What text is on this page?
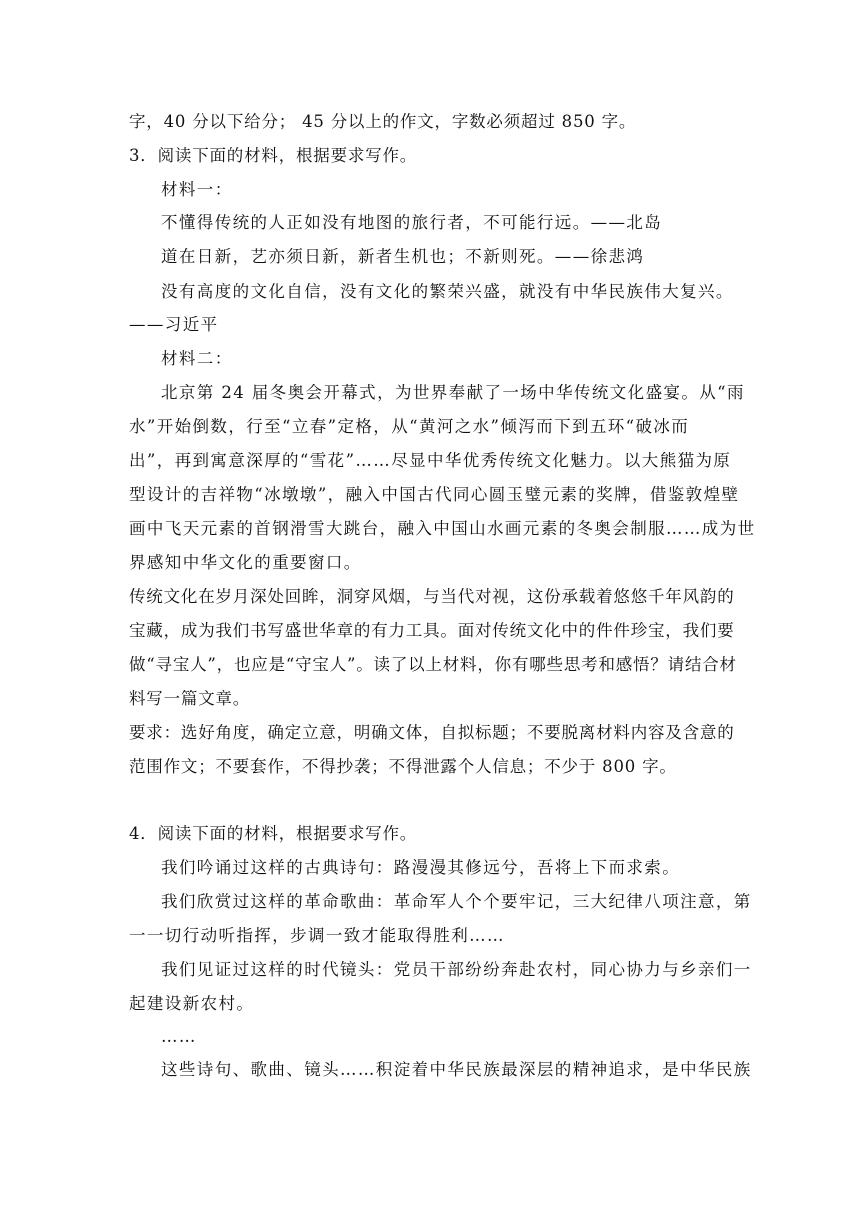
字，40 分以下给分； 45 分以上的作文，字数必须超过 850 字。
3．阅读下面的材料，根据要求写作。
材料一：
不懂得传统的人正如没有地图的旅行者，不可能行远。——北岛
道在日新，艺亦须日新，新者生机也；不新则死。——徐悲鸿
没有高度的文化自信，没有文化的繁荣兴盛，就没有中华民族伟大复兴。
——习近平
材料二：
北京第 24 届冬奥会开幕式，为世界奉献了一场中华传统文化盛宴。从“雨
水”开始倒数，行至“立春”定格，从“黄河之水”倾泻而下到五环“破冰而
出”，再到寓意深厚的“雪花”……尽显中华优秀传统文化魅力。以大熊猫为原
型设计的吉祥物“冰墩墩”，融入中国古代同心圆玉璧元素的奖牌，借鉴敦煌壁
画中飞天元素的首钢滑雪大跳台，融入中国山水画元素的冬奥会制服……成为世
界感知中华文化的重要窗口。
传统文化在岁月深处回眸，洞穿风烟，与当代对视，这份承载着悠悠千年风韵的
宝藏，成为我们书写盛世华章的有力工具。面对传统文化中的件件珍宝，我们要
做“寻宝人”，也应是“守宝人”。读了以上材料，你有哪些思考和感悟？请结合材
料写一篇文章。
要求：选好角度，确定立意，明确文体，自拟标题；不要脱离材料内容及含意的
范围作文；不要套作，不得抄袭；不得泄露个人信息；不少于 800 字。
4．阅读下面的材料，根据要求写作。
我们吟诵过这样的古典诗句：路漫漫其修远兮，吾将上下而求索。
我们欣赏过这样的革命歌曲：革命军人个个要牢记，三大纪律八项注意，第
一一切行动听指挥，步调一致才能取得胜利……
我们见证过这样的时代镜头：党员干部纷纷奔赴农村，同心协力与乡亲们一
起建设新农村。
……
这些诗句、歌曲、镜头……积淀着中华民族最深层的精神追求，是中华民族
